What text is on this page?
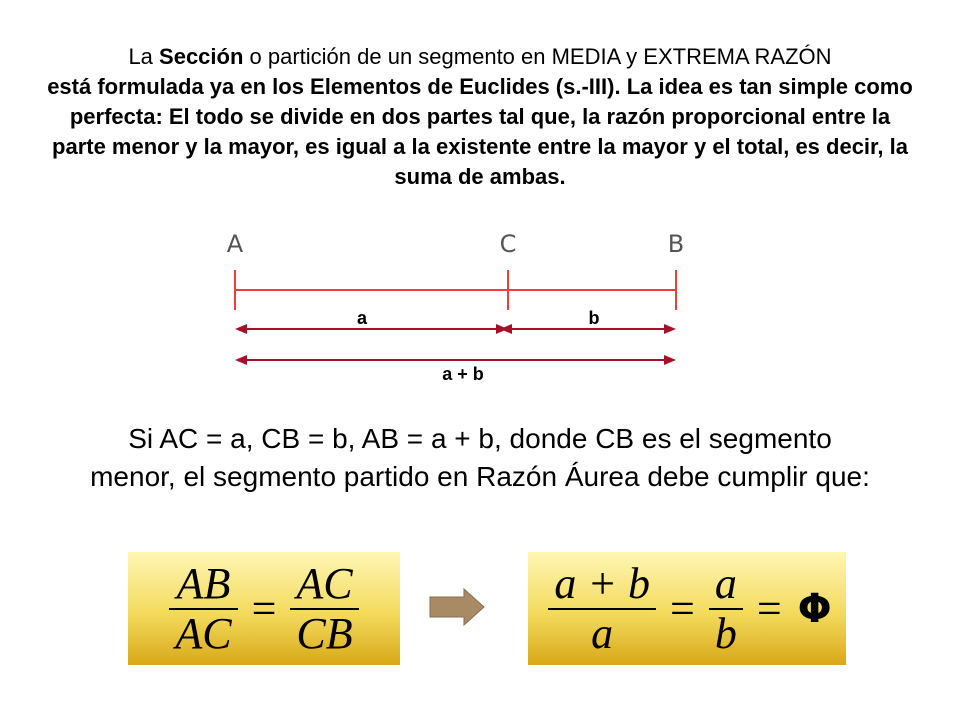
La Sección o partición de un segmento en MEDIA y EXTREMA RAZÓN
está formulada ya en los Elementos de Euclides (s.-III). La idea es tan simple como perfecta: El todo se divide en dos partes tal que, la razón proporcional entre la parte menor y la mayor, es igual a la existente entre la mayor y el total, es decir, la suma de ambas.
A	C	B
a	b
a + b
Si AC = a, CB = b, AB = a + b, donde CB es el segmento
menor, el segmento partido en Razón Áurea debe cumplir que:
$\frac{AB}{AC} = \frac{AC}{CB}$	$\frac{a + b}{a} = \frac{a}{b} = \Phi$
